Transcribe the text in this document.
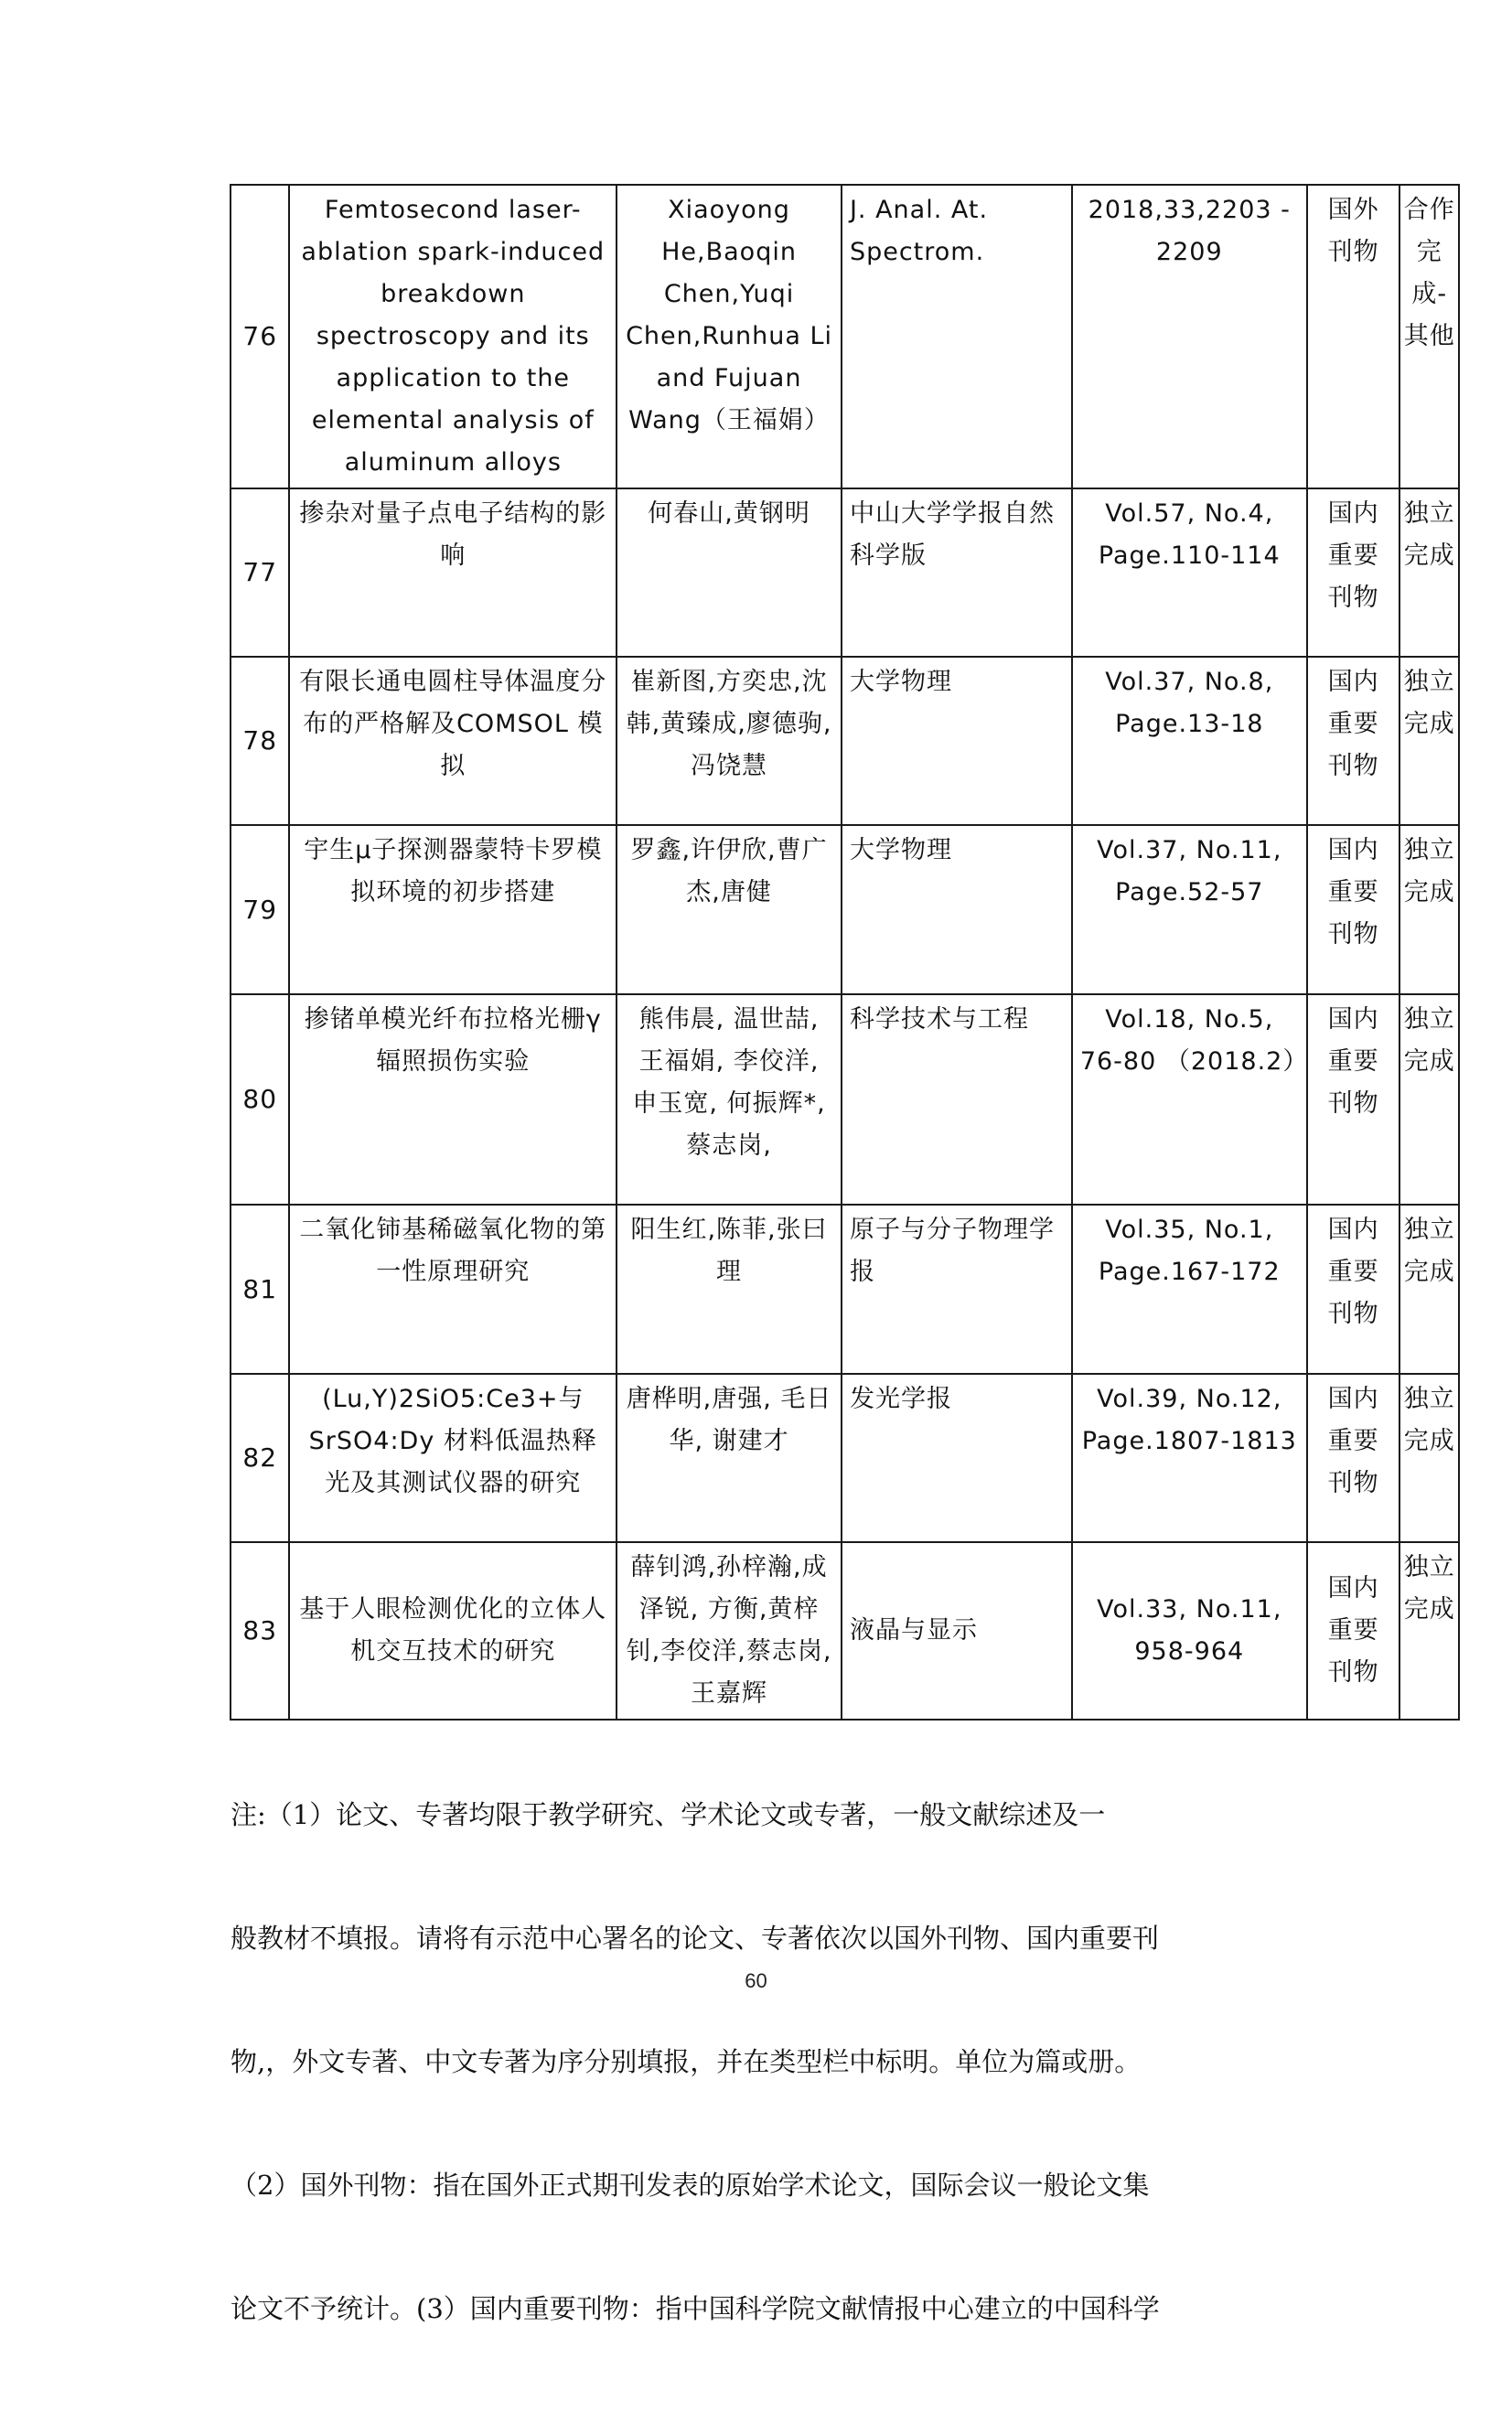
76	Femtosecond laser-ablation spark-induced breakdown spectroscopy and its application to the elemental analysis of aluminum alloys	Xiaoyong He,Baoqin Chen,Yuqi Chen,Runhua Li and Fujuan Wang（王福娟）	J. Anal. At. Spectrom.	2018,33,2203 - 2209	国外刊物	合作完成-其他
77	掺杂对量子点电子结构的影响	何春山,黄钢明	中山大学学报自然科学版	Vol.57, No.4, Page.110-114	国内重要刊物	独立完成
78	有限长通电圆柱导体温度分布的严格解及COMSOL 模拟	崔新图,方奕忠,沈韩,黄臻成,廖德驹,冯饶慧	大学物理	Vol.37, No.8, Page.13-18	国内重要刊物	独立完成
79	宇生μ子探测器蒙特卡罗模拟环境的初步搭建	罗鑫,许伊欣,曹广杰,唐健	大学物理	Vol.37, No.11, Page.52-57	国内重要刊物	独立完成
80	掺锗单模光纤布拉格光栅γ辐照损伤实验	熊伟晨, 温世喆, 王福娟, 李佼洋, 申玉宽, 何振辉*, 蔡志岗,	科学技术与工程	Vol.18, No.5, 76-80 （2018.2）	国内重要刊物	独立完成
81	二氧化铈基稀磁氧化物的第一性原理研究	阳生红,陈菲,张曰理	原子与分子物理学报	Vol.35, No.1, Page.167-172	国内重要刊物	独立完成
82	(Lu,Y)2SiO5:Ce3+与SrSO4:Dy 材料低温热释光及其测试仪器的研究	唐桦明,唐强, 毛日华, 谢建才	发光学报	Vol.39, No.12, Page.1807-1813	国内重要刊物	独立完成
83	基于人眼检测优化的立体人机交互技术的研究	薛钊鸿,孙梓瀚,成泽锐, 方衡,黄梓钊,李佼洋,蔡志岗,王嘉辉	液晶与显示	Vol.33, No.11, 958-964	国内重要刊物	独立完成

注:（1）论文、专著均限于教学研究、学术论文或专著，一般文献综述及一

般教材不填报。请将有示范中心署名的论文、专著依次以国外刊物、国内重要刊

物,，外文专著、中文专著为序分别填报，并在类型栏中标明。单位为篇或册。

（2）国外刊物：指在国外正式期刊发表的原始学术论文，国际会议一般论文集

论文不予统计。(3）国内重要刊物：指中国科学院文献情报中心建立的中国科学

60
